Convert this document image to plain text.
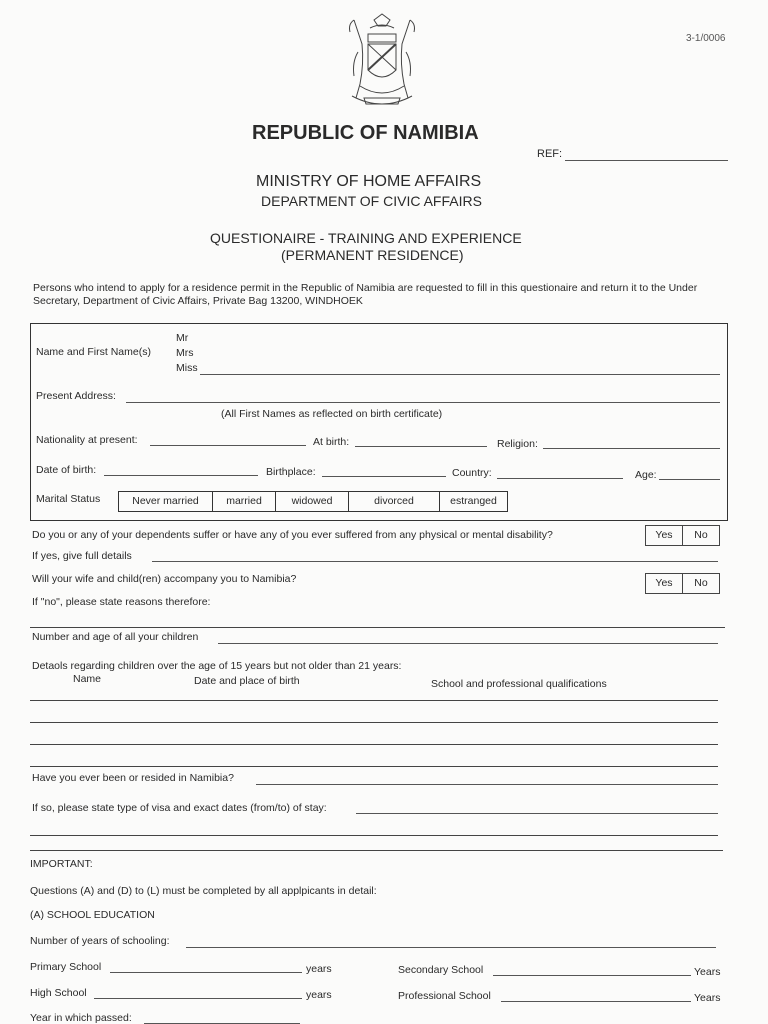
3-1/0006
REPUBLIC OF NAMIBIA
REF:
MINISTRY OF HOME AFFAIRS
DEPARTMENT OF CIVIC AFFAIRS
QUESTIONAIRE - TRAINING AND EXPERIENCE
(PERMANENT RESIDENCE)
Persons who intend to apply for a residence permit in the Republic of Namibia are requested to fill in this questionaire and return it to the Under Secretary, Department of Civic Affairs, Private Bag 13200, WINDHOEK
Name and First Name(s)
Mr
Mrs
Miss
Present Address:
(All First Names as reflected on birth certificate)
Nationality at present:	At birth:	Religion:
Date of birth:	Birthplace:	Country:	Age:
Marital Status	Never married	married	widowed	divorced	estranged
Do you or any of your dependents suffer or have any of you ever suffered from any physical or mental disability?	Yes	No
If yes, give full details
Will your wife and child(ren) accompany you to Namibia?	Yes	No
If "no", please state reasons therefore:
Number and age of all your children
Detaols regarding children over the age of 15 years but not older than 21 years:
Name	Date and place of birth	School and professional qualifications
Have you ever been or resided in Namibia?
If so, please state type of visa and exact dates (from/to) of stay:
IMPORTANT:
Questions (A) and (D) to (L) must be completed by all applpicants in detail:
(A) SCHOOL EDUCATION
Number of years of schooling:
Primary School	years	Secondary School	Years
High School	years	Professional School	Years
Year in which passed:
